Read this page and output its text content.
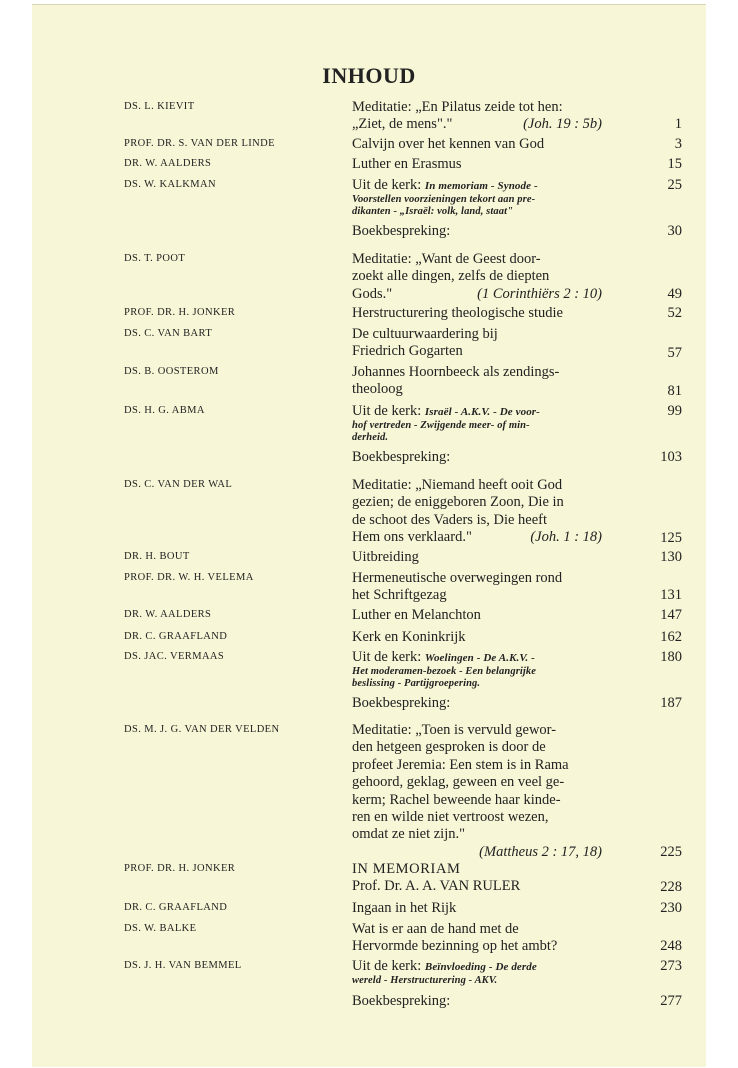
INHOUD
DS. L. KIEVIT	Meditatie: „En Pilatus zeide tot hen:
„Ziet, de mens"."	(Joh. 19 : 5b)	1
PROF. DR. S. VAN DER LINDE	Calvijn over het kennen van God	3
DR. W. AALDERS	Luther en Erasmus	15
DS. W. KALKMAN	Uit de kerk: In memoriam - Synode -
Voorstellen voorzieningen tekort aan pre-
dikanten - „Israël: volk, land, staat"
25
Boekbespreking:	30
DS. T. POOT	Meditatie: „Want de Geest door-
zoekt alle dingen, zelfs de diepten
Gods."	(1 Corinthiërs 2 : 10)	49
PROF. DR. H. JONKER	Herstructurering theologische studie	52
DS. C. VAN BART	De cultuurwaardering bij
Friedrich Gogarten	57
DS. B. OOSTEROM	Johannes Hoornbeeck als zendings-
theoloog	81
DS. H. G. ABMA	Uit de kerk: Israël - A.K.V. - De voor-
hof vertreden - Zwijgende meer- of min-
derheid.
99
Boekbespreking:	103
DS. C. VAN DER WAL	Meditatie: „Niemand heeft ooit God
gezien; de eniggeboren Zoon, Die in
de schoot des Vaders is, Die heeft
Hem ons verklaard."	(Joh. 1 : 18)	125
DR. H. BOUT	Uitbreiding	130
PROF. DR. W. H. VELEMA	Hermeneutische overwegingen rond
het Schriftgezag	131
DR. W. AALDERS	Luther en Melanchton	147
DR. C. GRAAFLAND	Kerk en Koninkrijk	162
DS. JAC. VERMAAS	Uit de kerk: Woelingen - De A.K.V. -
Het moderamen-bezoek - Een belangrijke
beslissing - Partijgroepering.
180
Boekbespreking:	187
DS. M. J. G. VAN DER VELDEN	Meditatie: „Toen is vervuld gewor-
den hetgeen gesproken is door de
profeet Jeremia: Een stem is in Rama
gehoord, geklag, geween en veel ge-
kerm; Rachel beweende haar kinde-
ren en wilde niet vertroost wezen,
omdat ze niet zijn."
(Mattheus 2 : 17, 18)	225
PROF. DR. H. JONKER	IN MEMORIAM
Prof. Dr. A. A. VAN RULER	228
DR. C. GRAAFLAND	Ingaan in het Rijk	230
DS. W. BALKE	Wat is er aan de hand met de
Hervormde bezinning op het ambt?	248
DS. J. H. VAN BEMMEL	Uit de kerk: Beïnvloeding - De derde
wereld - Herstructurering - AKV.
273
Boekbespreking:	277
